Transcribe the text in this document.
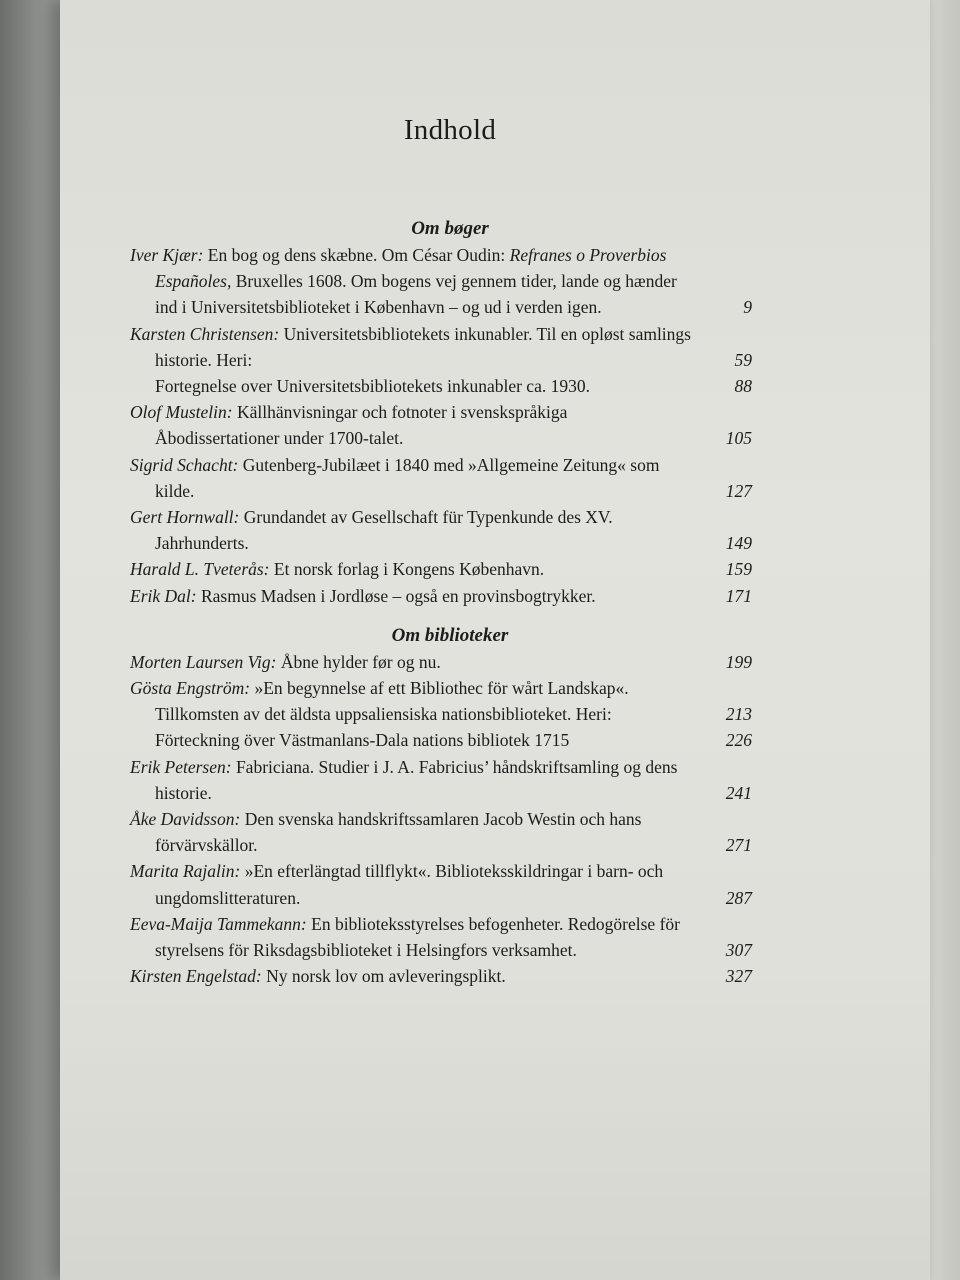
Indhold
Om bøger

Iver Kjær: En bog og dens skæbne. Om César Oudin: Refranes o Proverbios Españoles, Bruxelles 1608. Om bogens vej gennem tider, lande og hænder ind i Universitetsbiblioteket i København – og ud i verden igen.	9

Karsten Christensen: Universitetsbibliotekets inkunabler. Til en opløst samlings historie. Heri:	59

Fortegnelse over Universitetsbibliotekets inkunabler ca. 1930.	88

Olof Mustelin: Källhänvisningar och fotnoter i svenskspråkiga Åbodissertationer under 1700-talet.	105

Sigrid Schacht: Gutenberg-Jubilæet i 1840 med »Allgemeine Zeitung« som kilde.	127

Gert Hornwall: Grundandet av Gesellschaft für Typenkunde des XV. Jahrhunderts.	149

Harald L. Tveterås: Et norsk forlag i Kongens København.	159

Erik Dal: Rasmus Madsen i Jordløse – også en provinsbogtrykker.	171

Om biblioteker

Morten Laursen Vig: Åbne hylder før og nu.	199

Gösta Engström: »En begynnelse af ett Bibliothec för wårt Landskap«. Tillkomsten av det äldsta uppsaliensiska nationsbiblioteket. Heri:	213

Förteckning över Västmanlans-Dala nations bibliotek 1715	226

Erik Petersen: Fabriciana. Studier i J. A. Fabricius’ håndskriftsamling og dens historie.	241

Åke Davidsson: Den svenska handskriftssamlaren Jacob Westin och hans förvärvskällor.	271

Marita Rajalin: »En efterlängtad tillflykt«. Biblioteksskildringar i barn- och ungdomslitteraturen.	287

Eeva-Maija Tammekann: En biblioteksstyrelses befogenheter. Redogörelse för styrelsens för Riksdagsbiblioteket i Helsingfors verksamhet.	307

Kirsten Engelstad: Ny norsk lov om avleveringsplikt.	327
